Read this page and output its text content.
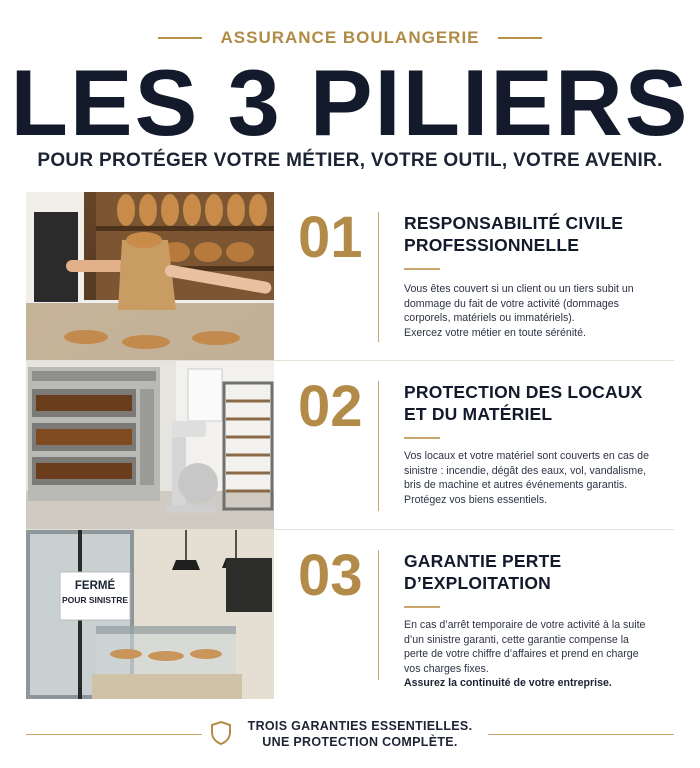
ASSURANCE BOULANGERIE
LES 3 PILIERS
POUR PROTÉGER VOTRE MÉTIER, VOTRE OUTIL, VOTRE AVENIR.
01 RESPONSABILITÉ CIVILE
PROFESSIONNELLE
Vous êtes couvert si un client ou un tiers subit un dommage du fait de votre activité (dommages corporels, matériels ou immatériels).
Exercez votre métier en toute sérénité.
02 PROTECTION DES LOCAUX
ET DU MATÉRIEL
Vos locaux et votre matériel sont couverts en cas de sinistre : incendie, dégât des eaux, vol, vandalisme, bris de machine et autres événements garantis.
Protégez vos biens essentiels.
FERMÉ
POUR SINISTRE	03 GARANTIE PERTE
D’EXPLOITATION
En cas d’arrêt temporaire de votre activité à la suite d’un sinistre garanti, cette garantie compense la perte de votre chiffre d’affaires et prend en charge vos charges fixes.
Assurez la continuité de votre entreprise.
TROIS GARANTIES ESSENTIELLES.
UNE PROTECTION COMPLÈTE.
